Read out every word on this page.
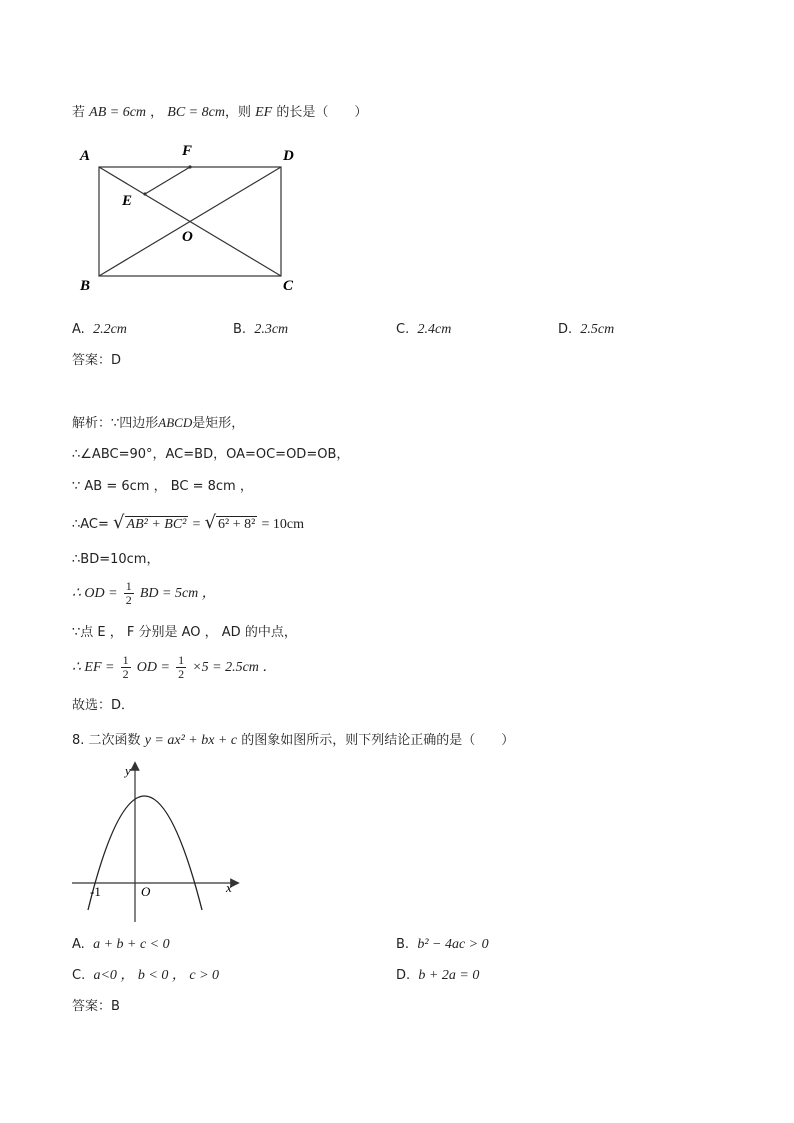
若 AB = 6cm ， BC = 8cm，则 EF 的长是（　　）
A	F	D
E
O
B	C
A. 2.2cm	B. 2.3cm	C. 2.4cm	D. 2.5cm
答案：D
解析：∵四边形ABCD是矩形，
∴∠ABC=90°，AC=BD，OA=OC=OD=OB，
∵ AB = 6cm ， BC = 8cm ，
∴AC= √ AB² + BC² = √ 6² + 8² = 10cm
∴BD=10cm，
∴ OD = $\frac{1}{2}$ BD = 5cm ，
∵点 E ， F 分别是 AO ， AD 的中点，
∴ EF = $\frac{1}{2}$ OD = $\frac{1}{2} \times 5 = 2.5cm$ ．
故选：D．
8. 二次函数 y = ax² + bx + c 的图象如图所示，则下列结论正确的是（　　）
y
x
O
-1
A. a + b + c < 0	B. b² − 4ac > 0
C. a<0 ， b < 0 ， c > 0	D. b + 2a = 0
答案：B
